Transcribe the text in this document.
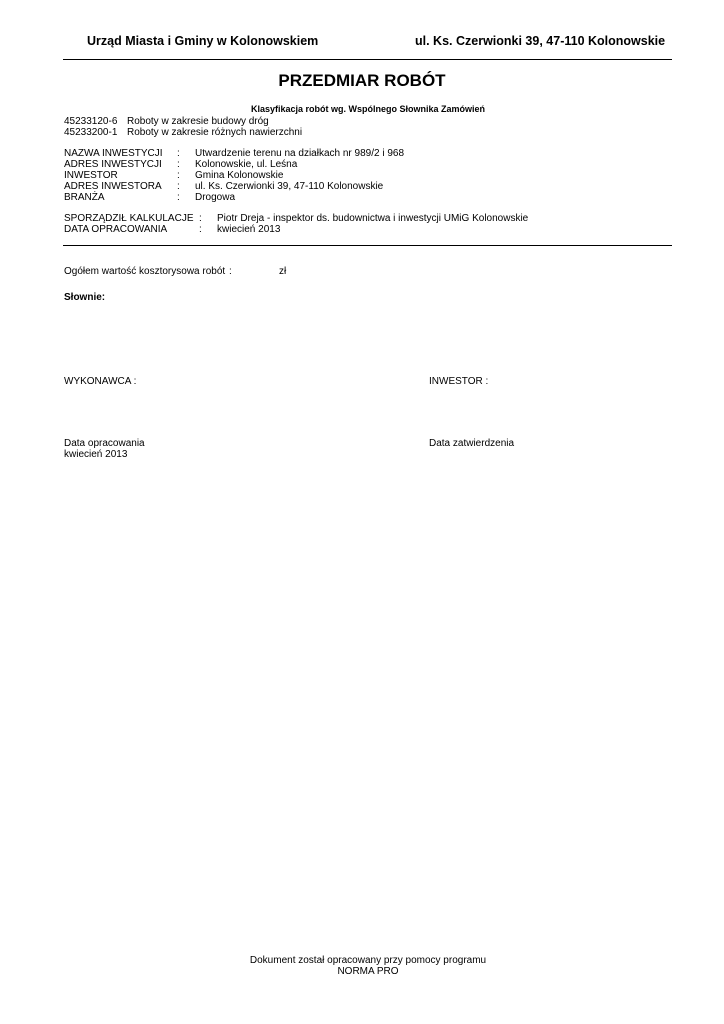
Urząd Miasta i Gminy w Kolonowskiem	ul. Ks. Czerwionki 39, 47-110 Kolonowskie
PRZEDMIAR ROBÓT
Klasyfikacja robót wg. Wspólnego Słownika Zamówień
45233120-6 Roboty w zakresie budowy dróg
45233200-1 Roboty w zakresie różnych nawierzchni
NAZWA INWESTYCJI : Utwardzenie terenu na działkach nr 989/2 i 968
ADRES INWESTYCJI : Kolonowskie, ul. Leśna
INWESTOR	: Gmina Kolonowskie
ADRES INWESTORA : ul. Ks. Czerwionki 39, 47-110 Kolonowskie
BRANŻA	: Drogowa
SPORZĄDZIŁ KALKULACJE : Piotr Dreja - inspektor ds. budownictwa i inwestycji UMiG Kolonowskie
DATA OPRACOWANIA	: kwiecień 2013
Ogółem wartość kosztorysowa robót :	zł
Słownie:
WYKONAWCA :	INWESTOR :
Data opracowania
kwiecień 2013
Data zatwierdzenia
Dokument został opracowany przy pomocy programu
NORMA PRO
